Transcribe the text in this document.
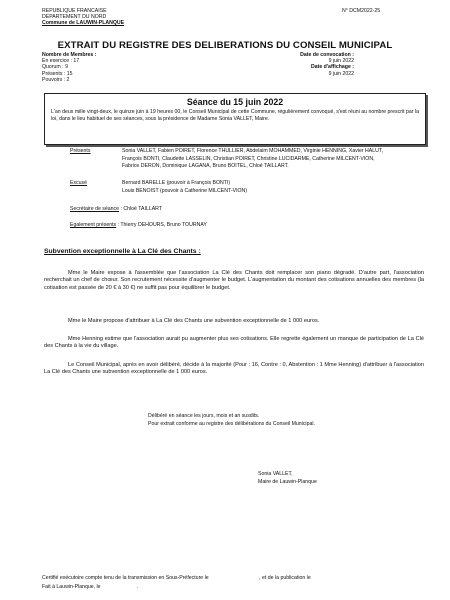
REPUBLIQUE FRANCAISE
DEPARTEMENT DU NORD
Commune de LAUWIN-PLANQUE
N° DCM2022-25
EXTRAIT DU REGISTRE DES DELIBERATIONS DU CONSEIL MUNICIPAL
Nombre de Membres :
En exercice : 17
Quorum : 9
Présents : 15
Pouvoirs : 2
Date de convocation :
9 juin 2022
Date d'affichage :
9 juin 2022
Séance du 15 juin 2022

L'an deux mille vingt-deux, le quinze juin à 19 heures 00, le Conseil Municipal de cette Commune, régulièrement convoqué, s'est réuni au nombre prescrit par la loi, dans le lieu habituel de ses séances, sous la présidence de Madame Sonia VALLET, Maire.

Présents	Sonia VALLET, Fabien POIRET, Florence THULLIER, Abdelaim MOHAMMED, Virginie HENNING, Xavier HALUT,
François BONTI, Claudette LASSELIN, Christian POIRET, Christine LUCIDARME, Catherine MILCENT-VION,
Fabrice DERON, Dominique LAGANA, Bruno BOITEL, Chloé TAILLART.
Excusé	Bernard BARELLE (pouvoir à François BONTI)
Louis BENOIST (pouvoir à Catherine MILCENT-VION)
Secrétaire de séance : Chloé TAILLART
Egalement présents : Thierry DEHOURS, Bruno TOURNAY
Subvention exceptionnelle à La Clé des Chants :
Mme le Maire expose à l'assemblée que l'association La Clé des Chants doit remplacer son piano dégradé. D'autre part, l'association recherchait un chef de chœur. Son recrutement nécessite d'augmenter le budget. L'augmentation du montant des cotisations annuelles des membres (la cotisation est passée de 20 € à 30 €) ne suffit pas pour équilibrer le budget.
Mme le Maire propose d'attribuer à La Clé des Chants une subvention exceptionnelle de 1 000 euros.
Mme Henning estime que l'association aurait pu augmenter plus ses cotisations. Elle regrette également un manque de participation de La Clé des Chants à la vie du village.
Le Conseil Municipal, après en avoir délibéré, décide à la majorité (Pour : 16, Contre : 0, Abstention : 1 Mme Henning) d'attribuer à l'association La Clé des Chants une subvention exceptionnelle de 1 000 euros.
Délibéré en séance les jours, mois et an susdits.
Pour extrait conforme au registre des délibérations du Conseil Municipal.
Sonia VALLET,
Maire de Lauwin-Planque
Certifié exécutoire compte tenu de la transmission en Sous-Préfecture le                                   , et de la publication le
Fait à Lauwin-Planque, le                         .
